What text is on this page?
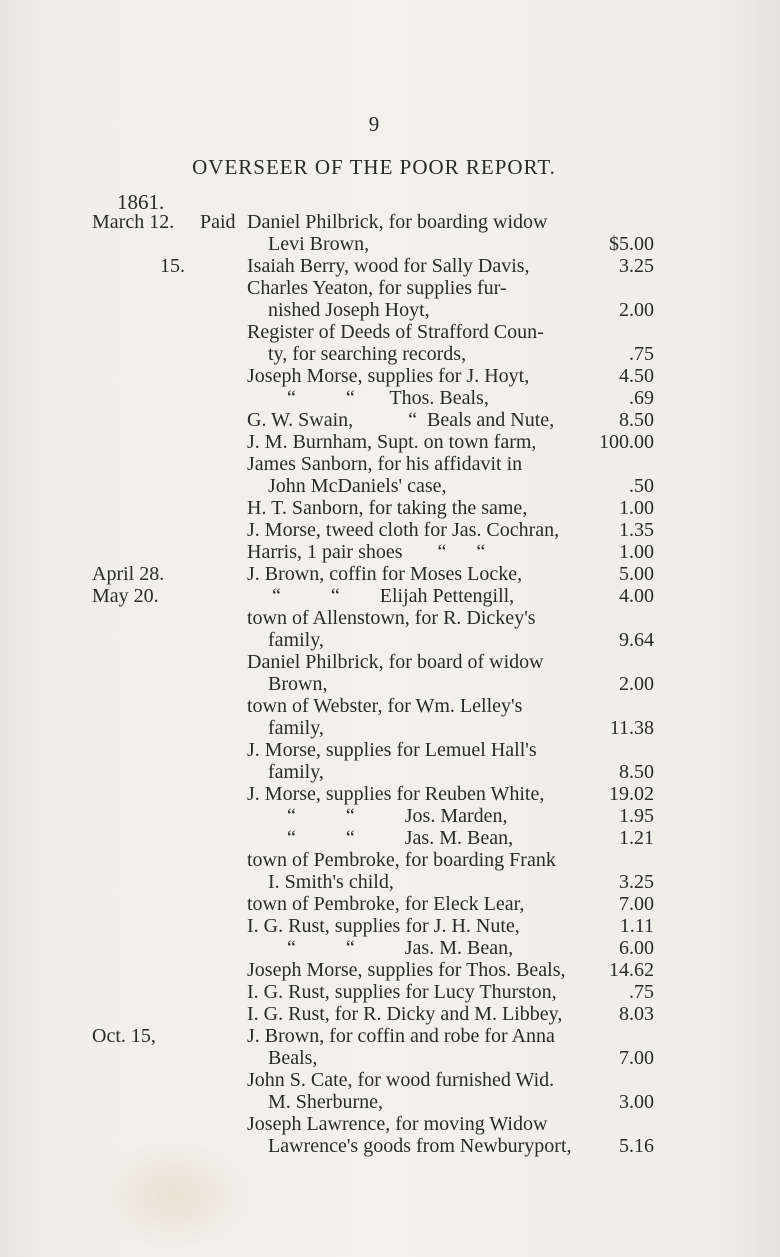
9
OVERSEER OF THE POOR REPORT.
1861.
March 12. Paid Daniel Philbrick, for boarding widow
Levi Brown,	$5.00
15.	Isaiah Berry, wood for Sally Davis,	3.25
Charles Yeaton, for supplies fur-
nished Joseph Hoyt,	2.00
Register of Deeds of Strafford Coun-
ty, for searching records,	.75
Joseph Morse, supplies for J. Hoyt,	4.50
“          “       Thos. Beals,	.69
G. W. Swain,           “  Beals and Nute,	8.50
J. M. Burnham, Supt. on town farm,	100.00
James Sanborn, for his affidavit in
John McDaniels' case,	.50
H. T. Sanborn, for taking the same,	1.00
J. Morse, tweed cloth for Jas. Cochran,	1.35
Harris, 1 pair shoes       “      “	1.00
April 28.	J. Brown, coffin for Moses Locke,	5.00
May 20.	“          “        Elijah Pettengill,	4.00
town of Allenstown, for R. Dickey's
family,	9.64
Daniel Philbrick, for board of widow
Brown,	2.00
town of Webster, for Wm. Lelley's
family,	11.38
J. Morse, supplies for Lemuel Hall's
family,	8.50
J. Morse, supplies for Reuben White,	19.02
“          “          Jos. Marden,	1.95
“          “          Jas. M. Bean,	1.21
town of Pembroke, for boarding Frank
I. Smith's child,	3.25
town of Pembroke, for Eleck Lear,	7.00
I. G. Rust, supplies for J. H. Nute,	1.11
“          “          Jas. M. Bean,	6.00
Joseph Morse, supplies for Thos. Beals, 14.62
I. G. Rust, supplies for Lucy Thurston,	.75
I. G. Rust, for R. Dicky and M. Libbey,	8.03
Oct. 15,	J. Brown, for coffin and robe for Anna
Beals,	7.00
John S. Cate, for wood furnished Wid.
M. Sherburne,	3.00
Joseph Lawrence, for moving Widow
Lawrence's goods from Newburyport, 5.16
